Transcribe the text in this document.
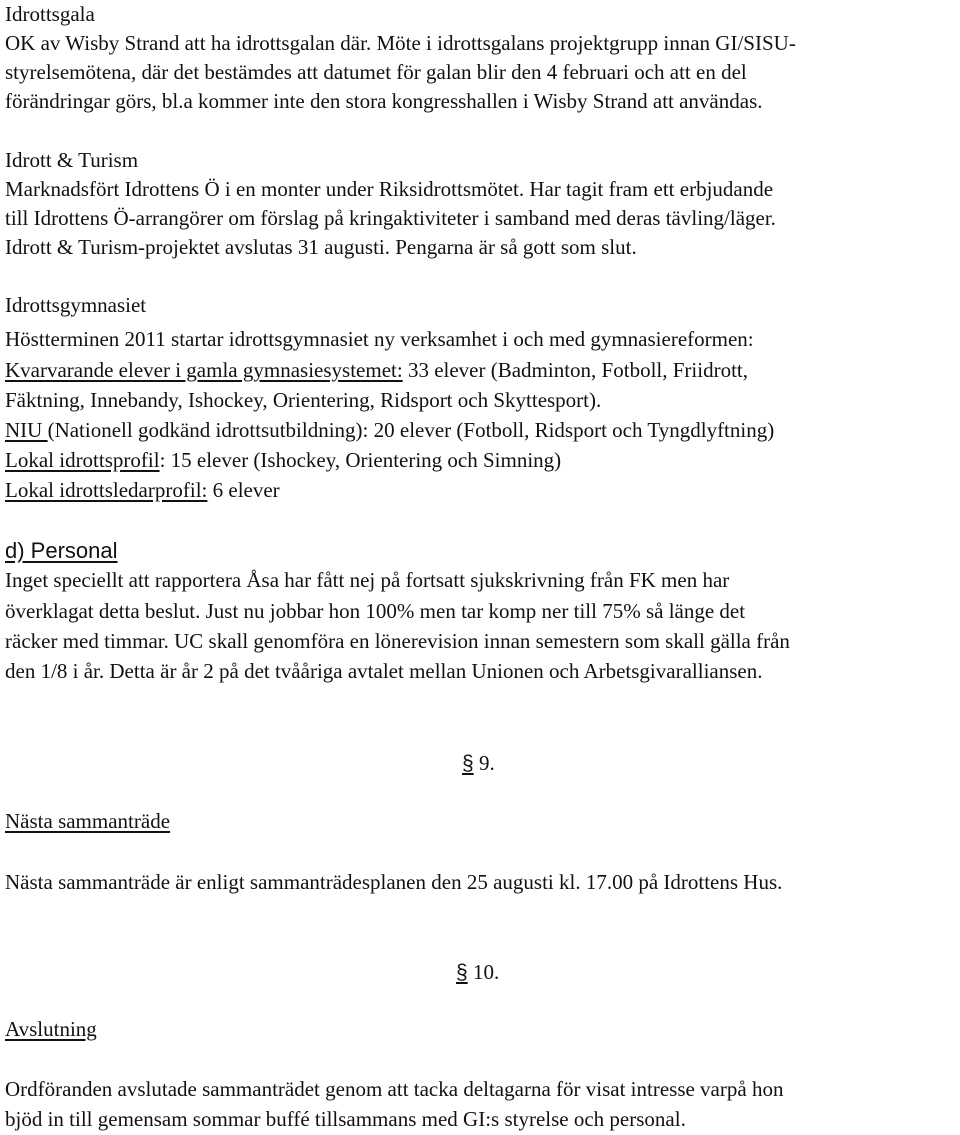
Idrottsgala
OK av Wisby Strand att ha idrottsgalan där. Möte i idrottsgalans projektgrupp innan GI/SISU-
styrelsemötena, där det bestämdes att datumet för galan blir den 4 februari och att en del
förändringar görs, bl.a kommer inte den stora kongresshallen i Wisby Strand att användas.
Idrott & Turism
Marknadsfört Idrottens Ö i en monter under Riksidrottsmötet. Har tagit fram ett erbjudande
till Idrottens Ö-arrangörer om förslag på kringaktiviteter i samband med deras tävling/läger.
Idrott & Turism-projektet avslutas 31 augusti. Pengarna är så gott som slut.
Idrottsgymnasiet
Höstterminen 2011 startar idrottsgymnasiet ny verksamhet i och med gymnasiereformen:
Kvarvarande elever i gamla gymnasiesystemet: 33 elever (Badminton, Fotboll, Friidrott,
Fäktning, Innebandy, Ishockey, Orientering, Ridsport och Skyttesport).
NIU (Nationell godkänd idrottsutbildning): 20 elever (Fotboll, Ridsport och Tyngdlyftning)
Lokal idrottsprofil: 15 elever (Ishockey, Orientering och Simning)
Lokal idrottsledarprofil: 6 elever
d) Personal
Inget speciellt att rapportera Åsa har fått nej på fortsatt sjukskrivning från FK men har
överklagat detta beslut. Just nu jobbar hon 100% men tar komp ner till 75% så länge det
räcker med timmar. UC skall genomföra en lönerevision innan semestern som skall gälla från
den 1/8 i år. Detta är år 2 på det tvååriga avtalet mellan Unionen och Arbetsgivaralliansen.
§ 9.
Nästa sammanträde
Nästa sammanträde är enligt sammanträdesplanen den 25 augusti kl. 17.00 på Idrottens Hus.
§ 10.
Avslutning
Ordföranden avslutade sammanträdet genom att tacka deltagarna för visat intresse varpå hon
bjöd in till gemensam sommar buffé tillsammans med GI:s styrelse och personal.
